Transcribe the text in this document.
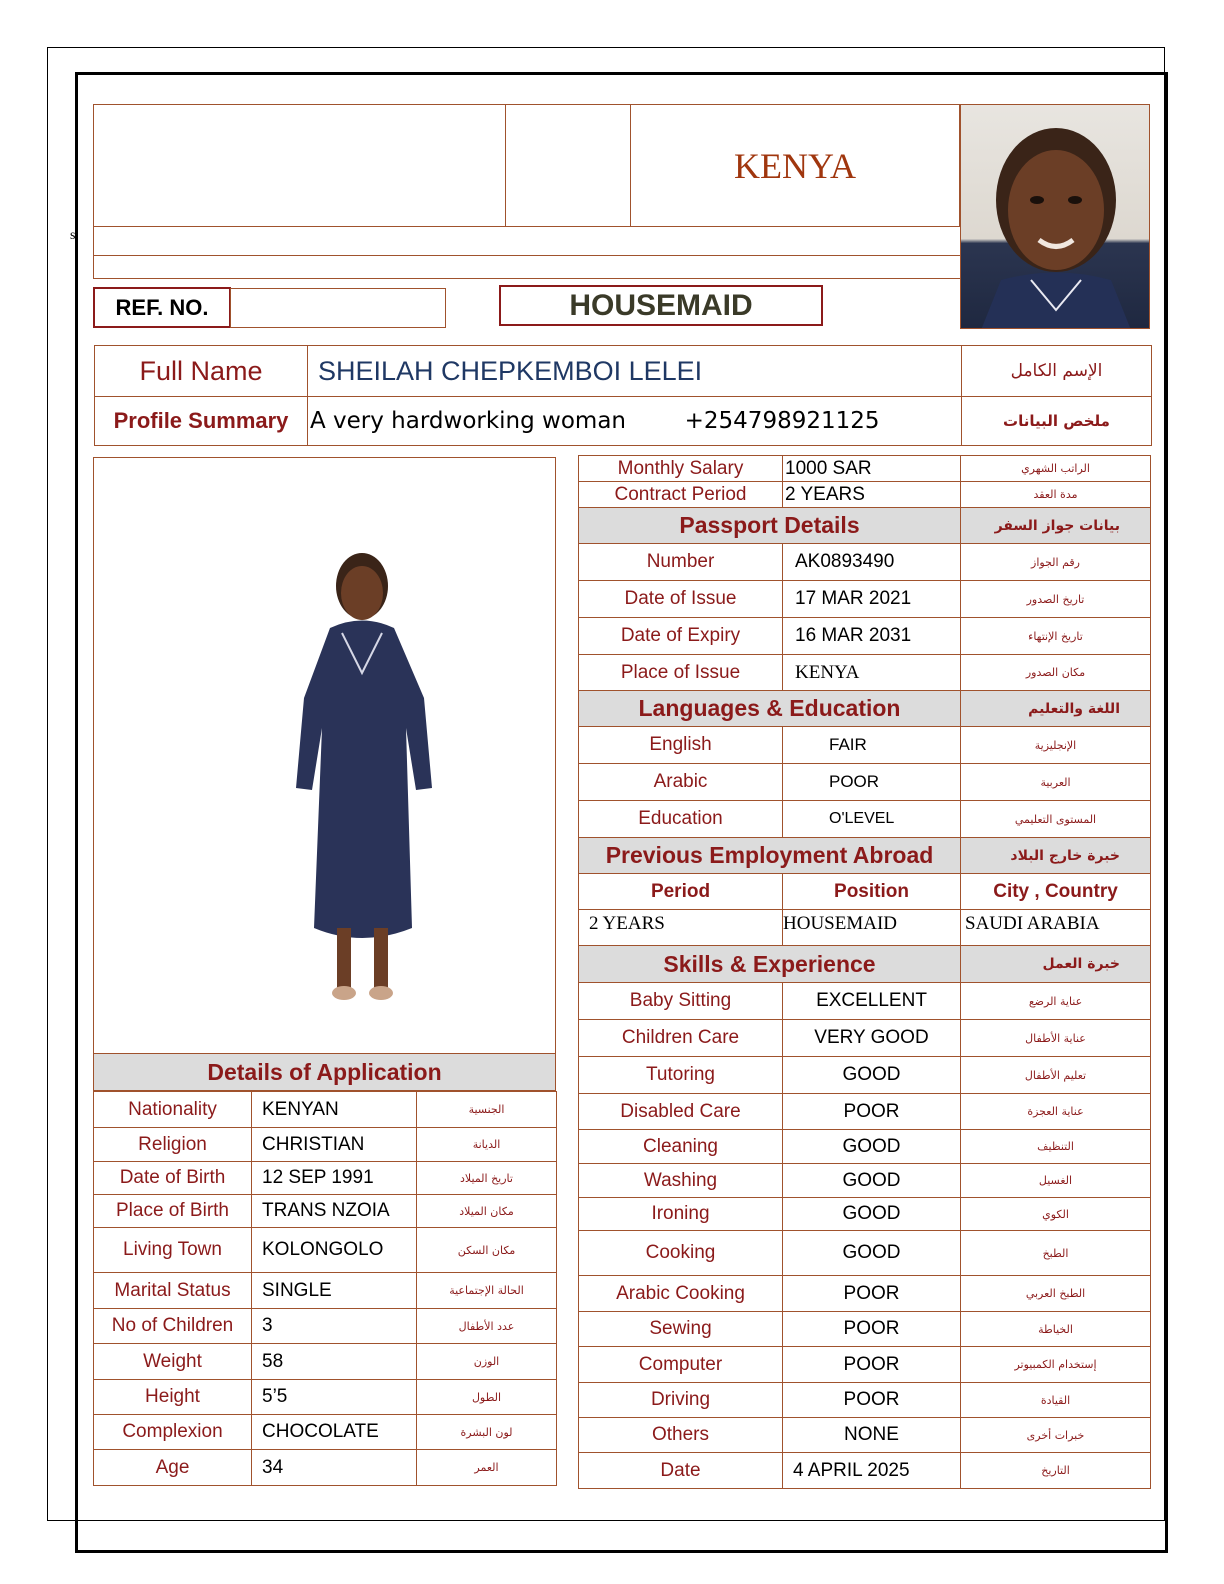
s
KENYA
REF. NO.	HOUSEMAID
Full Name	SHEILAH CHEPKEMBOI LELEI	الإسم الكامل
Profile Summary	A very hardworking woman +254798921125	ملخص البيانات
Details of Application
Nationality	KENYAN	الجنسية
Religion	CHRISTIAN	الديانة
Date of Birth	12 SEP 1991	تاريخ الميلاد
Place of Birth	TRANS NZOIA	مكان الميلاد
Living Town	KOLONGOLO	مكان السكن
Marital Status	SINGLE	الحالة الإجتماعية
No of Children	3	عدد الأطفال
Weight	58	الوزن
Height	5’5	الطول
Complexion	CHOCOLATE	لون البشرة
Age	34	العمر
Monthly Salary	1000 SAR	الراتب الشهري
Contract Period	2 YEARS	مدة العقد
Passport Details		بيانات جواز السفر
Number	AK0893490	رقم الجواز
Date of Issue	17 MAR 2021	تاريخ الصدور
Date of Expiry	16 MAR 2031	تاريخ الإنتهاء
Place of Issue	KENYA	مكان الصدور
Languages & Education		اللغة والتعليم
English	FAIR	الإنجليزية
Arabic	POOR	العربية
Education	O'LEVEL	المستوى التعليمي
Previous Employment Abroad		خبرة خارج البلاد
Period	Position	City , Country
2 YEARS	HOUSEMAID	SAUDI ARABIA
Skills & Experience		خبرة العمل
Baby Sitting	EXCELLENT	عناية الرضع
Children Care	VERY GOOD	عناية الأطفال
Tutoring	GOOD	تعليم الأطفال
Disabled Care	POOR	عناية العجزة
Cleaning	GOOD	التنظيف
Washing	GOOD	الغسيل
Ironing	GOOD	الكوي
Cooking	GOOD	الطبخ
Arabic Cooking	POOR	الطبخ العربي
Sewing	POOR	الخياطة
Computer	POOR	إستخدام الكمبيوتر
Driving	POOR	القيادة
Others	NONE	خبرات أخرى
Date	4 APRIL 2025	التاريخ
